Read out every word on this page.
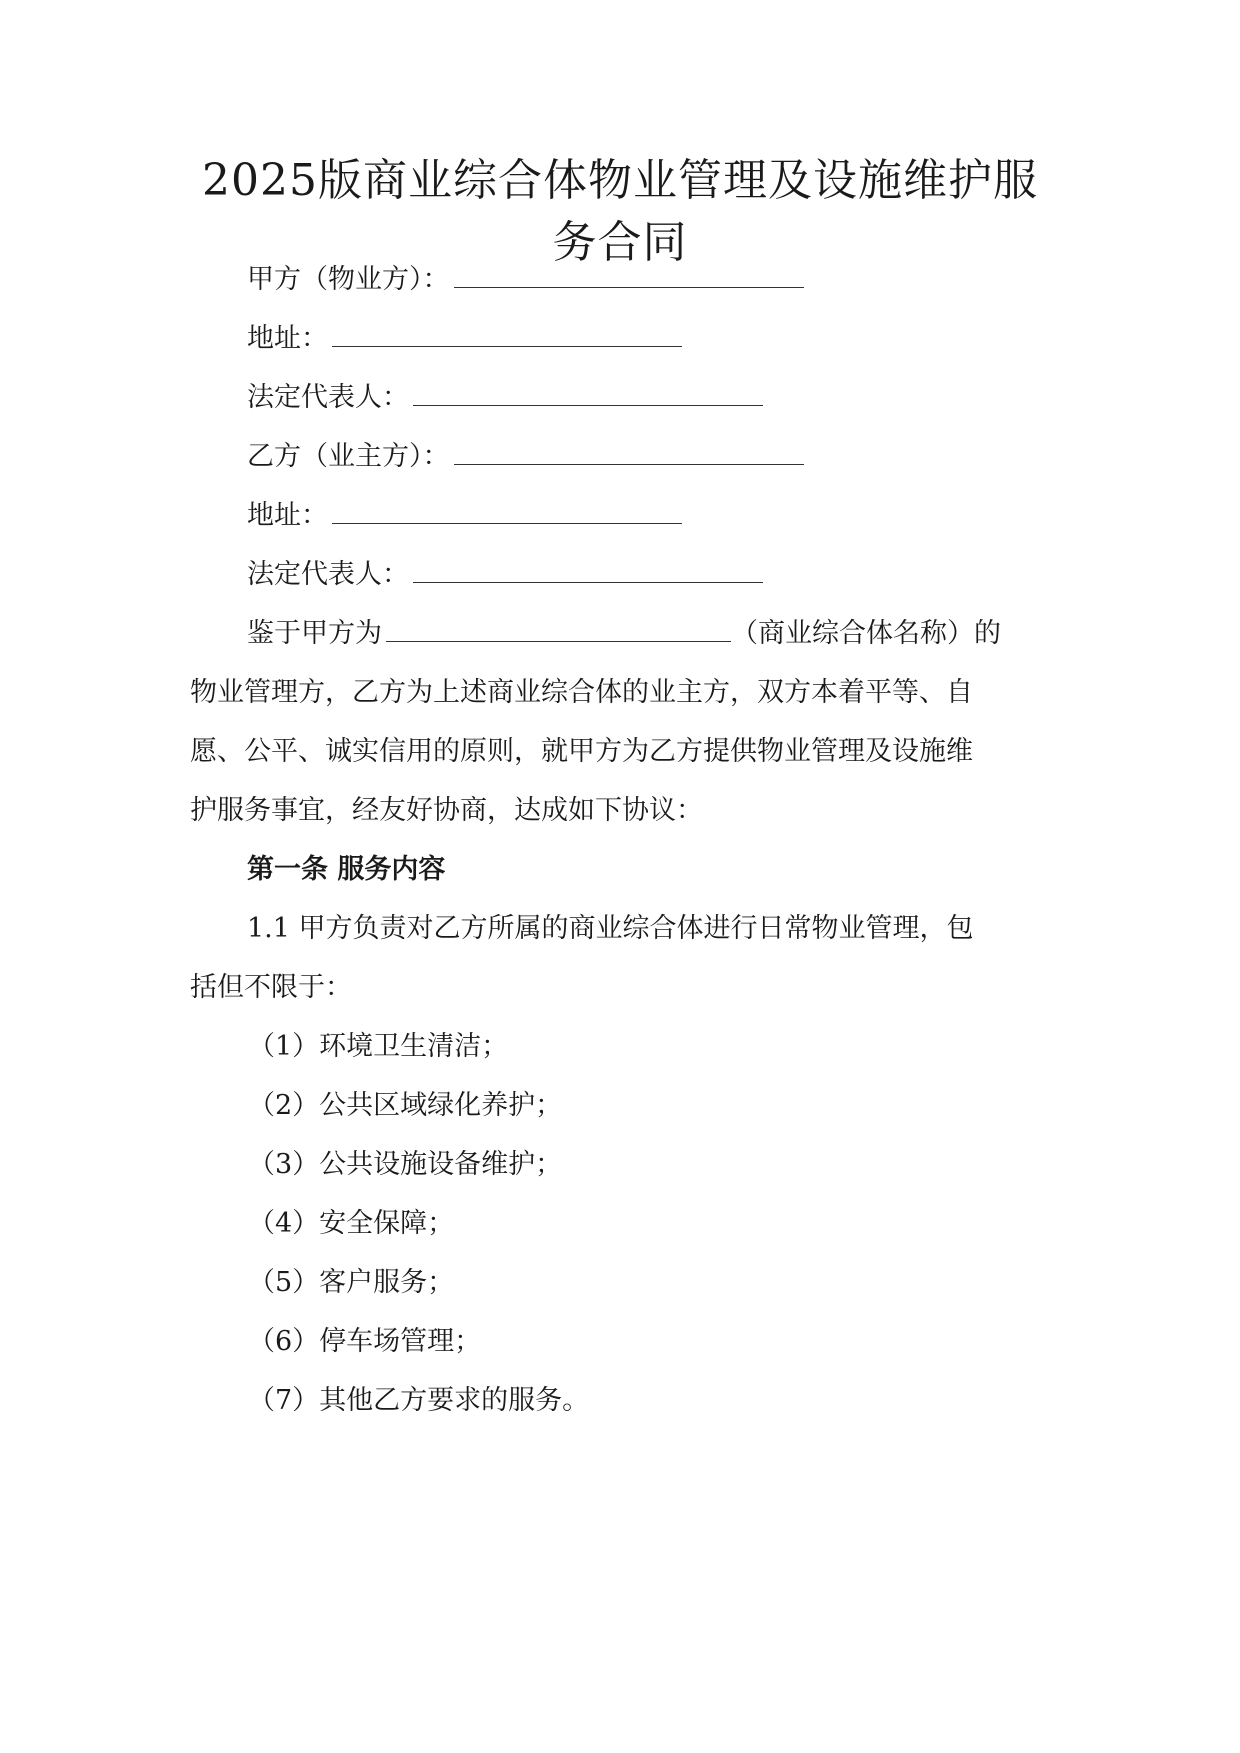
2025版商业综合体物业管理及设施维护服
务合同
甲方（物业方）：
地址：
法定代表人：
乙方（业主方）：
地址：
法定代表人：
鉴于甲方为	（商业综合体名称）的
物业管理方，乙方为上述商业综合体的业主方，双方本着平等、自
愿、公平、诚实信用的原则，就甲方为乙方提供物业管理及设施维
护服务事宜，经友好协商，达成如下协议：
第一条 服务内容
1.1 甲方负责对乙方所属的商业综合体进行日常物业管理，包
括但不限于：
（1）环境卫生清洁；
（2）公共区域绿化养护；
（3）公共设施设备维护；
（4）安全保障；
（5）客户服务；
（6）停车场管理；
（7）其他乙方要求的服务。
